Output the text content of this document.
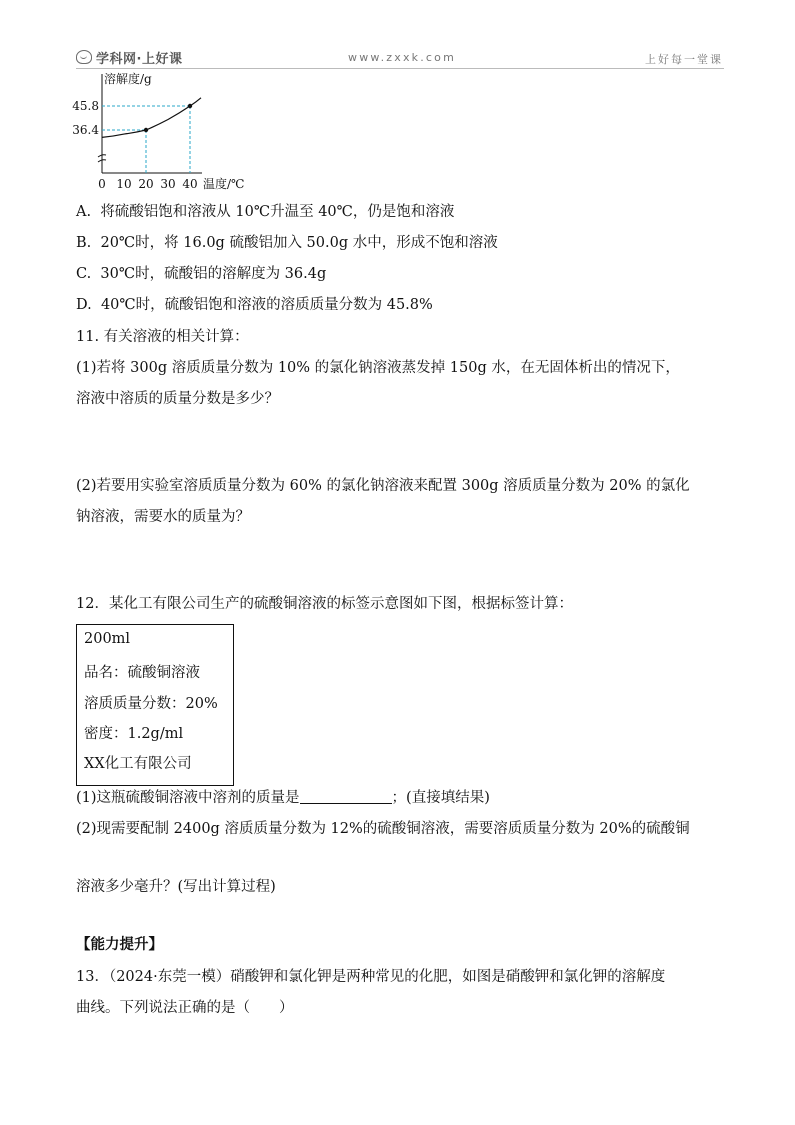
学科网·上好课	www.zxxk.com	上好每一堂课
溶解度/g
0 10 20 30 40
36.4
45.8
温度/℃
A. 将硫酸铝饱和溶液从 10℃升温至 40℃，仍是饱和溶液
B. 20℃时，将 16.0g 硫酸铝加入 50.0g 水中，形成不饱和溶液
C. 30℃时，硫酸铝的溶解度为 36.4g
D. 40℃时，硫酸铝饱和溶液的溶质质量分数为 45.8%
11. 有关溶液的相关计算：
(1)若将 300g 溶质质量分数为 10% 的氯化钠溶液蒸发掉 150g 水，在无固体析出的情况下，
溶液中溶质的质量分数是多少？
(2)若要用实验室溶质质量分数为 60% 的氯化钠溶液来配置 300g 溶质质量分数为 20% 的氯化
钠溶液，需要水的质量为？
12．某化工有限公司生产的硫酸铜溶液的标签示意图如下图，根据标签计算：
200ml
品名：硫酸铜溶液
溶质质量分数：20%
密度：1.2g/ml
XX化工有限公司
(1)这瓶硫酸铜溶液中溶剂的质量是	；(直接填结果)
(2)现需要配制 2400g 溶质质量分数为 12%的硫酸铜溶液，需要溶质质量分数为 20%的硫酸铜
溶液多少毫升？(写出计算过程)
【能力提升】
13．（2024·东莞一模）硝酸钾和氯化钾是两种常见的化肥，如图是硝酸钾和氯化钾的溶解度
曲线。下列说法正确的是（　　）
